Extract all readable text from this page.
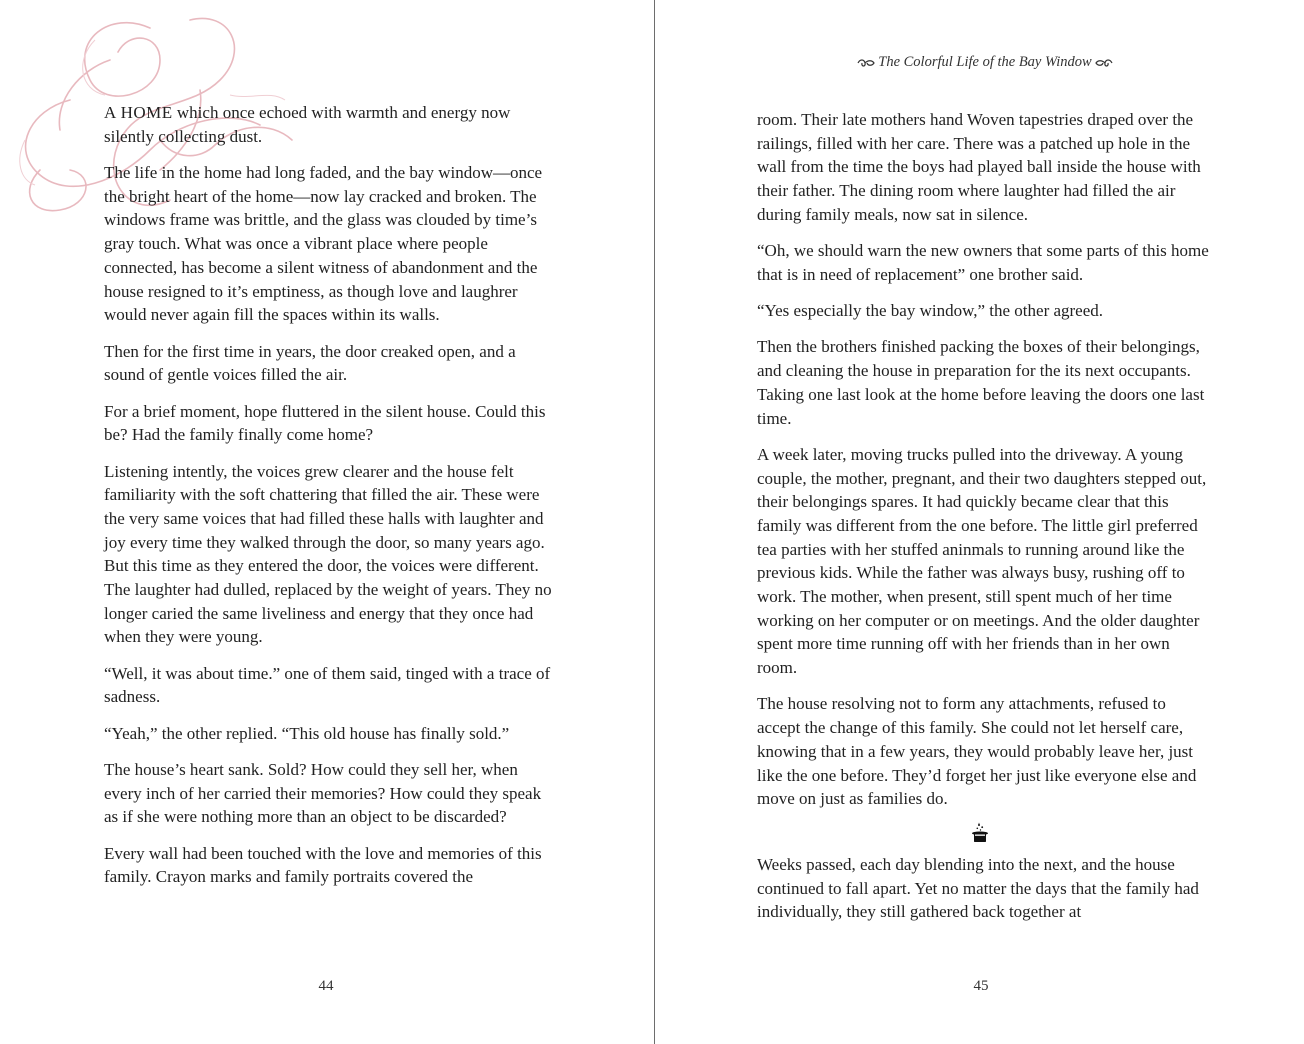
A HOME which once echoed with warmth and energy now silently collecting dust.

The life in the home had long faded, and the bay window—once the bright heart of the home—now lay cracked and broken. The windows frame was brittle, and the glass was clouded by time’s gray touch. What was once a vibrant place where people connected, has become a silent witness of abandonment and the house resigned to it’s emptiness, as though love and laughrer would never again fill the spaces within its walls.

Then for the first time in years, the door creaked open, and a sound of gentle voices filled the air.

For a brief moment, hope fluttered in the silent house. Could this be? Had the family finally come home?

Listening intently, the voices grew clearer and the house felt familiarity with the soft chattering that filled the air. These were the very same voices that had filled these halls with laughter and joy every time they walked through the door, so many years ago. But this time as they entered the door, the voices were different. The laughter had dulled, replaced by the weight of years. They no longer caried the same liveliness and energy that they once had when they were young.

“Well, it was about time.” one of them said, tinged with a trace of sadness.

“Yeah,” the other replied. “This old house has finally sold.”

The house’s heart sank. Sold? How could they sell her, when every inch of her carried their memories? How could they speak as if she were nothing more than an object to be discarded?

Every wall had been touched with the love and memories of this family. Crayon marks and family portraits covered the

44
The Colorful Life of the Bay Window

room. Their late mothers hand Woven tapestries draped over the railings, filled with her care. There was a patched up hole in the wall from the time the boys had played ball inside the house with their father. The dining room where laughter had filled the air during family meals, now sat in silence.

“Oh, we should warn the new owners that some parts of this home that is in need of replacement” one brother said.

“Yes especially the bay window,” the other agreed.

Then the brothers finished packing the boxes of their belongings, and cleaning the house in preparation for the its next occupants. Taking one last look at the home before leaving the doors one last time.

A week later, moving trucks pulled into the driveway. A young couple, the mother, pregnant, and their two daughters stepped out, their belongings spares. It had quickly became clear that this family was different from the one before. The little girl preferred tea parties with her stuffed aninmals to running around like the previous kids. While the father was always busy, rushing off to work. The mother, when present, still spent much of her time working on her computer or on meetings. And the older daughter spent more time running off with her friends than in her own room.

The house resolving not to form any attachments, refused to accept the change of this family. She could not let herself care, knowing that in a few years, they would probably leave her, just like the one before. They’d forget her just like everyone else and move on just as families do.

Weeks passed, each day blending into the next, and the house continued to fall apart. Yet no matter the days that the family had individually, they still gathered back together at

45
